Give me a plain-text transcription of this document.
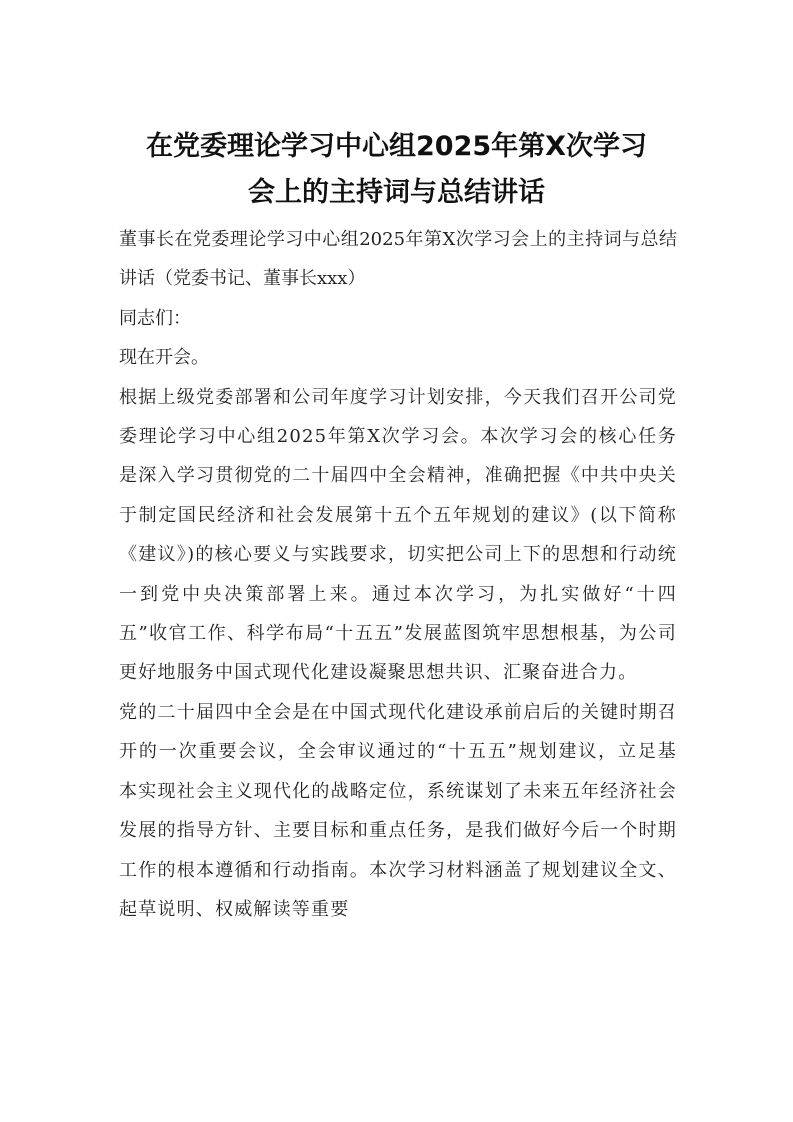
在党委理论学习中心组2025年第X次学习
会上的主持词与总结讲话

董事长在党委理论学习中心组2025年第X次学习会上的主持词与总结讲话（党委书记、董事长xxx）

同志们：

现在开会。

根据上级党委部署和公司年度学习计划安排，今天我们召开公司党委理论学习中心组2025年第X次学习会。本次学习会的核心任务是深入学习贯彻党的二十届四中全会精神，准确把握《中共中央关于制定国民经济和社会发展第十五个五年规划的建议》(以下简称《建议》)的核心要义与实践要求，切实把公司上下的思想和行动统一到党中央决策部署上来。通过本次学习，为扎实做好“十四五”收官工作、科学布局“十五五”发展蓝图筑牢思想根基，为公司更好地服务中国式现代化建设凝聚思想共识、汇聚奋进合力。

党的二十届四中全会是在中国式现代化建设承前启后的关键时期召开的一次重要会议，全会审议通过的“十五五”规划建议，立足基本实现社会主义现代化的战略定位，系统谋划了未来五年经济社会发展的指导方针、主要目标和重点任务，是我们做好今后一个时期工作的根本遵循和行动指南。本次学习材料涵盖了规划建议全文、起草说明、权威解读等重要
